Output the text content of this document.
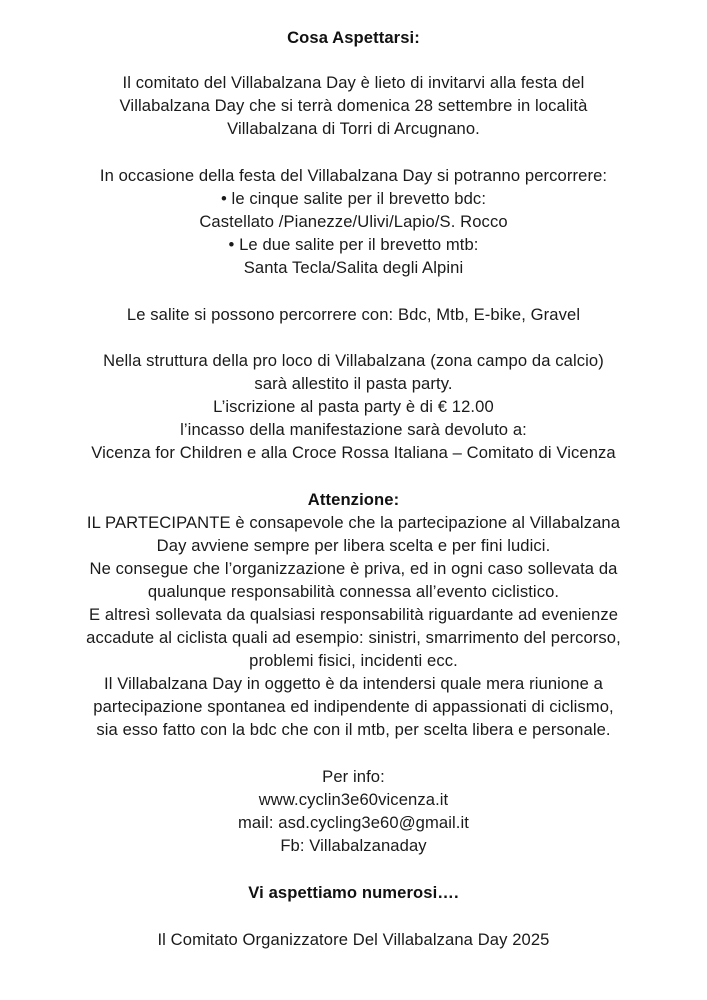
Cosa Aspettarsi:
Il comitato del Villabalzana Day è lieto di invitarvi alla festa del
Villabalzana Day che si terrà domenica 28 settembre in località
Villabalzana di Torri di Arcugnano.
In occasione della festa del Villabalzana Day si potranno percorrere:
• le cinque salite per il brevetto bdc:
Castellato /Pianezze/Ulivi/Lapio/S. Rocco
• Le due salite per il brevetto mtb:
Santa Tecla/Salita degli Alpini
Le salite si possono percorrere con: Bdc, Mtb, E-bike, Gravel
Nella struttura della pro loco di Villabalzana (zona campo da calcio)
sarà allestito il pasta party.
L’iscrizione al pasta party è di € 12.00
l’incasso della manifestazione sarà devoluto a:
Vicenza for Children e alla Croce Rossa Italiana – Comitato di Vicenza
Attenzione:
IL PARTECIPANTE è consapevole che la partecipazione al Villabalzana
Day avviene sempre per libera scelta e per fini ludici.
Ne consegue che l’organizzazione è priva, ed in ogni caso sollevata da
qualunque responsabilità connessa all’evento ciclistico.
E altresì sollevata da qualsiasi responsabilità riguardante ad evenienze
accadute al ciclista quali ad esempio: sinistri, smarrimento del percorso,
problemi fisici, incidenti ecc.
Il Villabalzana Day in oggetto è da intendersi quale mera riunione a
partecipazione spontanea ed indipendente di appassionati di ciclismo,
sia esso fatto con la bdc che con il mtb, per scelta libera e personale.
Per info:
www.cyclin3e60vicenza.it
mail: asd.cycling3e60@gmail.it
Fb: Villabalzanaday
Vi aspettiamo numerosi….
Il Comitato Organizzatore Del Villabalzana Day 2025
